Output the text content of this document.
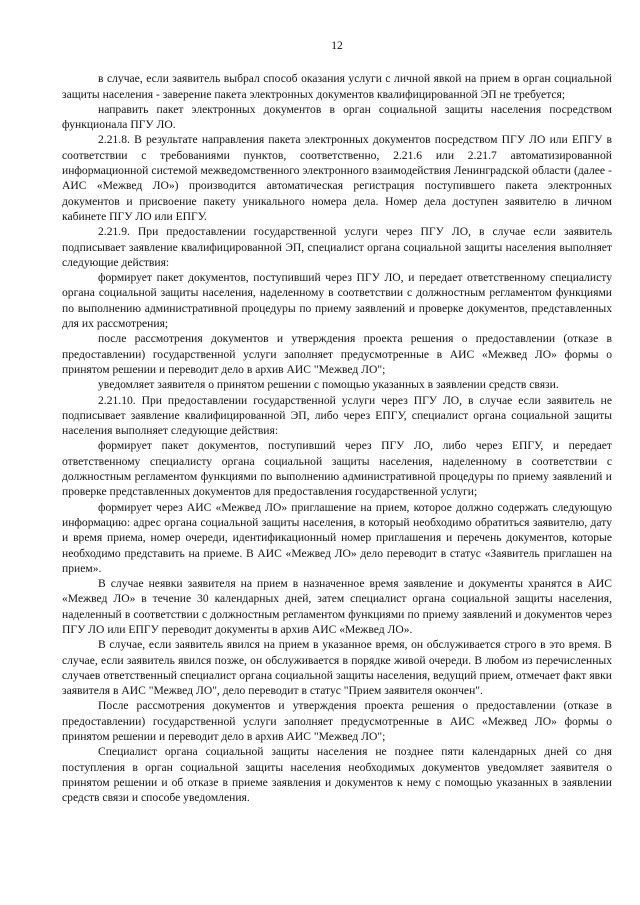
12

в случае, если заявитель выбрал способ оказания услуги с личной явкой на прием в орган социальной защиты населения - заверение пакета электронных документов квалифицированной ЭП не требуется;

направить пакет электронных документов в орган социальной защиты населения посредством функционала ПГУ ЛО.

2.21.8. В результате направления пакета электронных документов посредством ПГУ ЛО или ЕПГУ в соответствии с требованиями пунктов, соответственно, 2.21.6 или 2.21.7 автоматизированной информационной системой межведомственного электронного взаимодействия Ленинградской области (далее - АИС «Межвед ЛО») производится автоматическая регистрация поступившего пакета электронных документов и присвоение пакету уникального номера дела. Номер дела доступен заявителю в личном кабинете ПГУ ЛО или ЕПГУ.

2.21.9. При предоставлении государственной услуги через ПГУ ЛО, в случае если заявитель подписывает заявление квалифицированной ЭП, специалист органа социальной защиты населения выполняет следующие действия:

формирует пакет документов, поступивший через ПГУ ЛО, и передает ответственному специалисту органа социальной защиты населения, наделенному в соответствии с должностным регламентом функциями по выполнению административной процедуры по приему заявлений и проверке документов, представленных для их рассмотрения;

после рассмотрения документов и утверждения проекта решения о предоставлении (отказе в предоставлении) государственной услуги заполняет предусмотренные в АИС «Межвед ЛО» формы о принятом решении и переводит дело в архив АИС "Межвед ЛО";

уведомляет заявителя о принятом решении с помощью указанных в заявлении средств связи.

2.21.10. При предоставлении государственной услуги через ПГУ ЛО, в случае если заявитель не подписывает заявление квалифицированной ЭП, либо через ЕПГУ, специалист органа социальной защиты населения выполняет следующие действия:

формирует пакет документов, поступивший через ПГУ ЛО, либо через ЕПГУ, и передает ответственному специалисту органа социальной защиты населения, наделенному в соответствии с должностным регламентом функциями по выполнению административной процедуры по приему заявлений и проверке представленных документов для предоставления государственной услуги;

формирует через АИС «Межвед ЛО» приглашение на прием, которое должно содержать следующую информацию: адрес органа социальной защиты населения, в который необходимо обратиться заявителю, дату и время приема, номер очереди, идентификационный номер приглашения и перечень документов, которые необходимо представить на приеме. В АИС «Межвед ЛО» дело переводит в статус «Заявитель приглашен на прием».

В случае неявки заявителя на прием в назначенное время заявление и документы хранятся в АИС «Межвед ЛО» в течение 30 календарных дней, затем специалист органа социальной защиты населения, наделенный в соответствии с должностным регламентом функциями по приему заявлений и документов через ПГУ ЛО или ЕПГУ переводит документы в архив АИС «Межвед ЛО».

В случае, если заявитель явился на прием в указанное время, он обслуживается строго в это время. В случае, если заявитель явился позже, он обслуживается в порядке живой очереди. В любом из перечисленных случаев ответственный специалист органа социальной защиты населения, ведущий прием, отмечает факт явки заявителя в АИС "Межвед ЛО", дело переводит в статус "Прием заявителя окончен".

После рассмотрения документов и утверждения проекта решения о предоставлении (отказе в предоставлении) государственной услуги заполняет предусмотренные в АИС «Межвед ЛО» формы о принятом решении и переводит дело в архив АИС "Межвед ЛО";

Специалист органа социальной защиты населения не позднее пяти календарных дней со дня поступления в орган социальной защиты населения необходимых документов уведомляет заявителя о принятом решении и об отказе в приеме заявления и документов к нему с помощью указанных в заявлении средств связи и способе уведомления.
